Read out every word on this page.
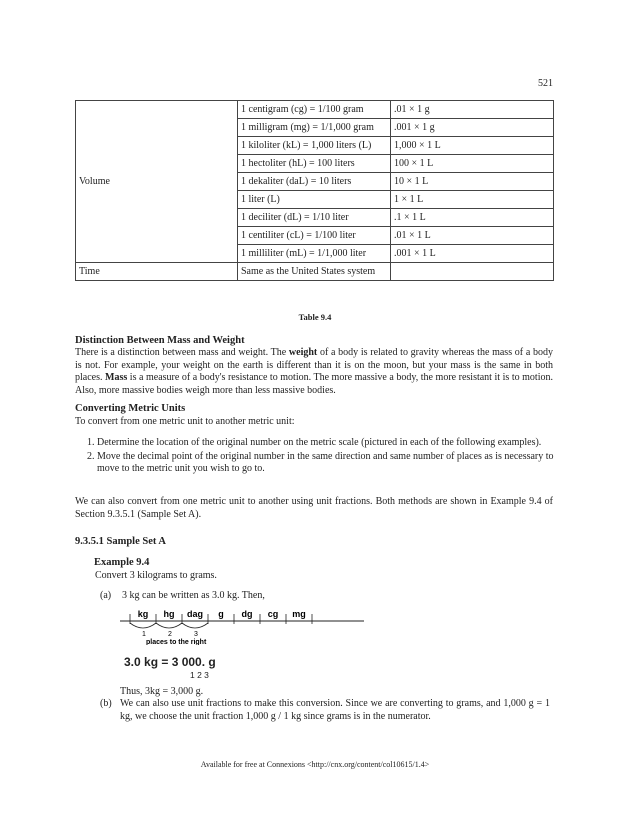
521
Volume	1 centigram (cg) = 1/100 gram	.01 × 1 g
	1 milligram (mg) = 1/1,000 gram	.001 × 1 g
	1 kiloliter (kL) = 1,000 liters (L)	1,000 × 1 L
	1 hectoliter (hL) = 100 liters	100 × 1 L
	1 dekaliter (daL) = 10 liters	10 × 1 L
	1 liter (L)	1 × 1 L
	1 deciliter (dL) = 1/10 liter	.1 × 1 L
	1 centiliter (cL) = 1/100 liter	.01 × 1 L
	1 milliliter (mL) = 1/1,000 liter	.001 × 1 L
Time	Same as the United States system	
Table 9.4
Distinction Between Mass and Weight
There is a distinction between mass and weight. The weight of a body is related to gravity whereas the mass of a body is not. For example, your weight on the earth is different than it is on the moon, but your mass is the same in both places. Mass is a measure of a body's resistance to motion. The more massive a body, the more resistant it is to motion. Also, more massive bodies weigh more than less massive bodies.
Converting Metric Units
To convert from one metric unit to another metric unit:
1. Determine the location of the original number on the metric scale (pictured in each of the following examples).
2. Move the decimal point of the original number in the same direction and same number of places as is necessary to move to the metric unit you wish to go to.
We can also convert from one metric unit to another using unit fractions. Both methods are shown in Example 9.4 of Section 9.3.5.1 (Sample Set A).
9.3.5.1 Sample Set A
Example 9.4
Convert 3 kilograms to grams.
(a)	3 kg can be written as 3.0 kg. Then,
kg hg dag g dg cg mg
1	2	3
places to the right
3.0 kg = 3 000. g
1 2 3
Thus, 3kg = 3,000 g.
(b) We can also use unit fractions to make this conversion. Since we are converting to grams, and 1,000 g = 1 kg, we choose the unit fraction 1,000 g / 1 kg since grams is in the numerator.
Available for free at Connexions <http://cnx.org/content/col10615/1.4>
